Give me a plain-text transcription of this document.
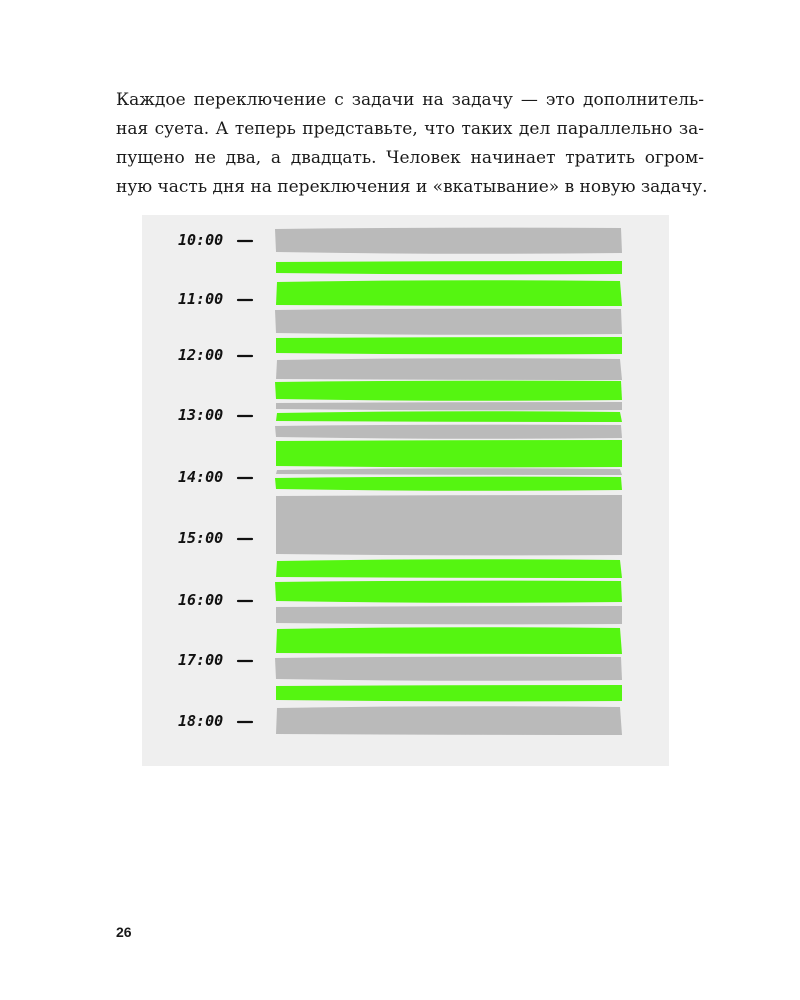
Каждое переключение с задачи на задачу — это дополнитель-
ная суета. А теперь представьте, что таких дел параллельно за-
пущено не два, а двадцать. Человек начинает тратить огром-
ную часть дня на переключения и «вкатывание» в новую задачу.

10:00
11:00
12:00
13:00
14:00
15:00
16:00
17:00
18:00
26
